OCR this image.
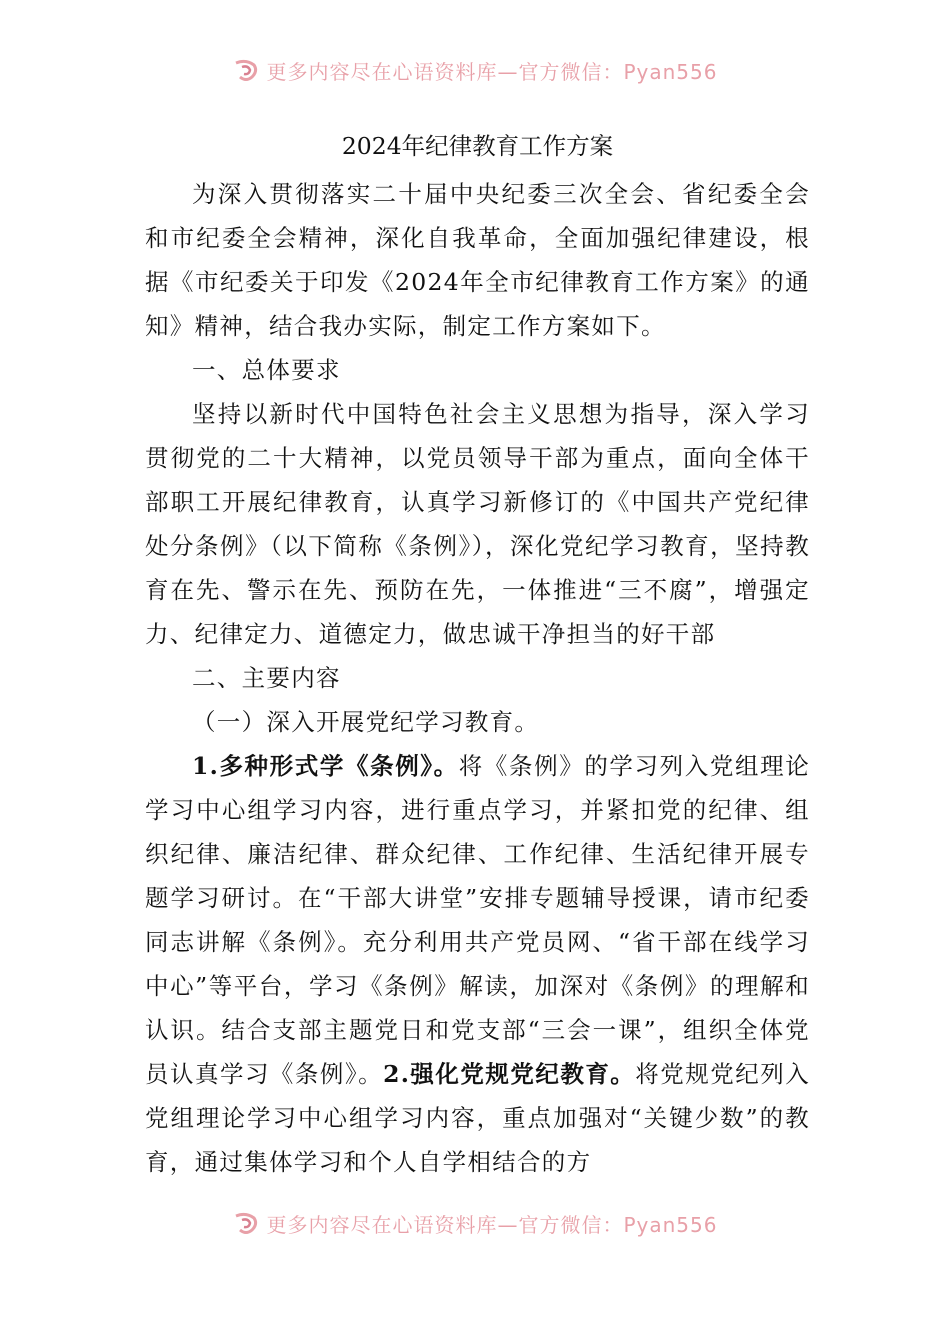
更多内容尽在心语资料库—官方微信：Pyan556
2024年纪律教育工作方案

为深入贯彻落实二十届中央纪委三次全会、省纪委全会和市纪委全会精神，深化自我革命，全面加强纪律建设，根据《市纪委关于印发《2024年全市纪律教育工作方案》的通知》精神，结合我办实际，制定工作方案如下。

一、总体要求

坚持以新时代中国特色社会主义思想为指导，深入学习贯彻党的二十大精神，以党员领导干部为重点，面向全体干部职工开展纪律教育，认真学习新修订的《中国共产党纪律处分条例》（以下简称《条例》），深化党纪学习教育，坚持教育在先、警示在先、预防在先，一体推进“三不腐”，增强定力、纪律定力、道德定力，做忠诚干净担当的好干部

二、主要内容

（一）深入开展党纪学习教育。

1.多种形式学《条例》。将《条例》的学习列入党组理论学习中心组学习内容，进行重点学习，并紧扣党的纪律、组织纪律、廉洁纪律、群众纪律、工作纪律、生活纪律开展专题学习研讨。在“干部大讲堂”安排专题辅导授课，请市纪委同志讲解《条例》。充分利用共产党员网、“省干部在线学习中心”等平台，学习《条例》解读，加深对《条例》的理解和认识。结合支部主题党日和党支部“三会一课”，组织全体党员认真学习《条例》。2.强化党规党纪教育。将党规党纪列入党组理论学习中心组学习内容，重点加强对“关键少数”的教育，通过集体学习和个人自学相结合的方

更多内容尽在心语资料库—官方微信：Pyan556
